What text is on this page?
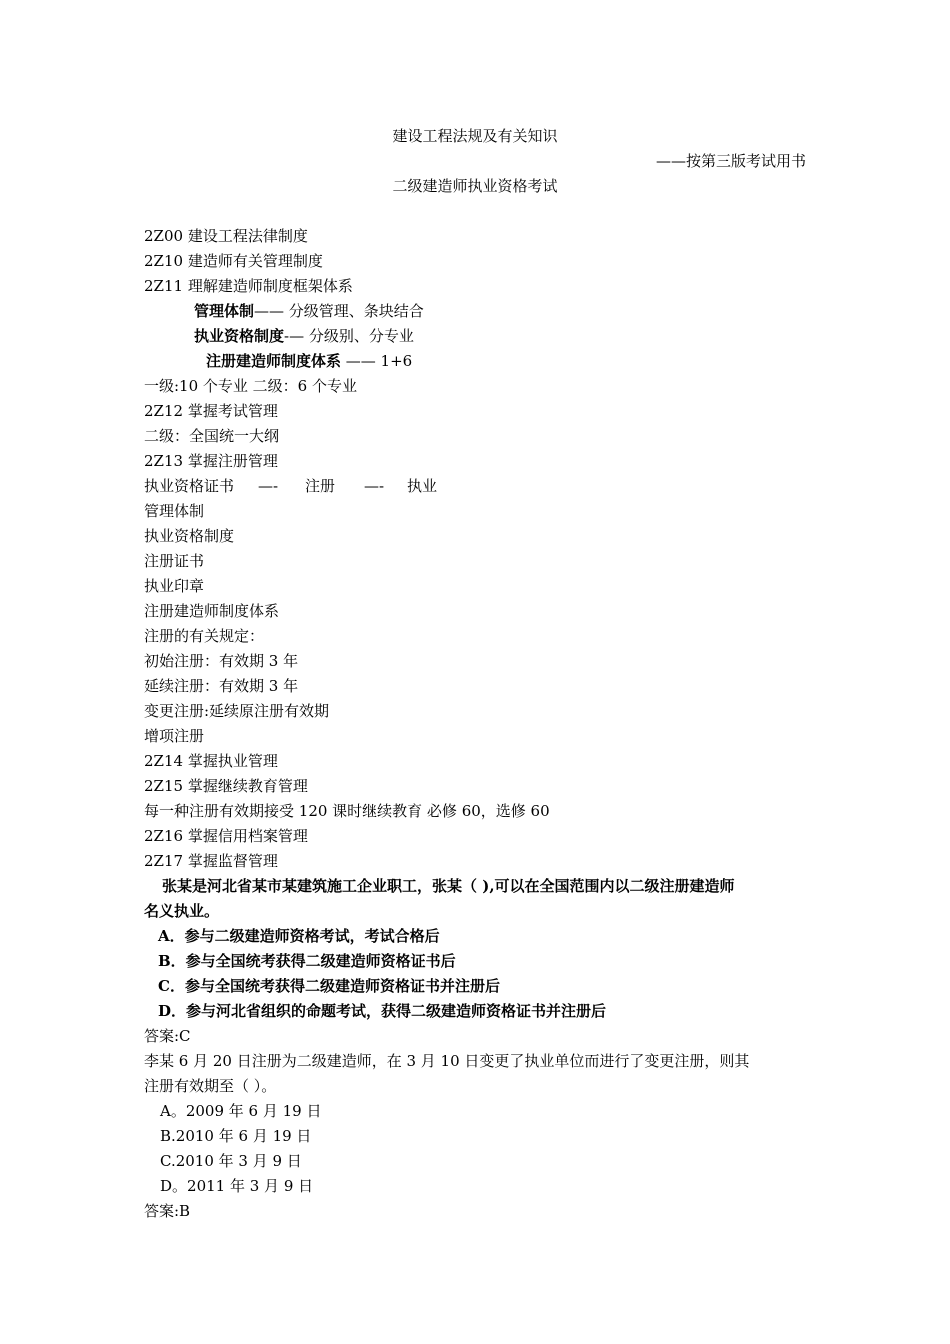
建设工程法规及有关知识
——按第三版考试用书
二级建造师执业资格考试
2Z00 建设工程法律制度
2Z10 建造师有关管理制度
2Z11 理解建造师制度框架体系
管理体制—— 分级管理、条块结合
执业资格制度-— 分级别、分专业
注册建造师制度体系 —— 1+6
一级:10 个专业 二级：6 个专业
2Z12 掌握考试管理
二级：全国统一大纲
2Z13 掌握注册管理
执业资格证书 —- 注册 —- 执业
管理体制
执业资格制度
注册证书
执业印章
注册建造师制度体系
注册的有关规定：
初始注册：有效期 3 年
延续注册：有效期 3 年
变更注册:延续原注册有效期
增项注册
2Z14 掌握执业管理
2Z15 掌握继续教育管理
每一种注册有效期接受 120 课时继续教育 必修 60，选修 60
2Z16 掌握信用档案管理
2Z17 掌握监督管理
张某是河北省某市某建筑施工企业职工，张某（ ),可以在全国范围内以二级注册建造师
名义执业。
A．参与二级建造师资格考试，考试合格后
B．参与全国统考获得二级建造师资格证书后
C．参与全国统考获得二级建造师资格证书并注册后
D．参与河北省组织的命题考试，获得二级建造师资格证书并注册后
答案:C
李某 6 月 20 日注册为二级建造师，在 3 月 10 日变更了执业单位而进行了变更注册，则其
注册有效期至（ ）。
A。2009 年 6 月 19 日
B.2010 年 6 月 19 日
C.2010 年 3 月 9 日
D。2011 年 3 月 9 日
答案:B
